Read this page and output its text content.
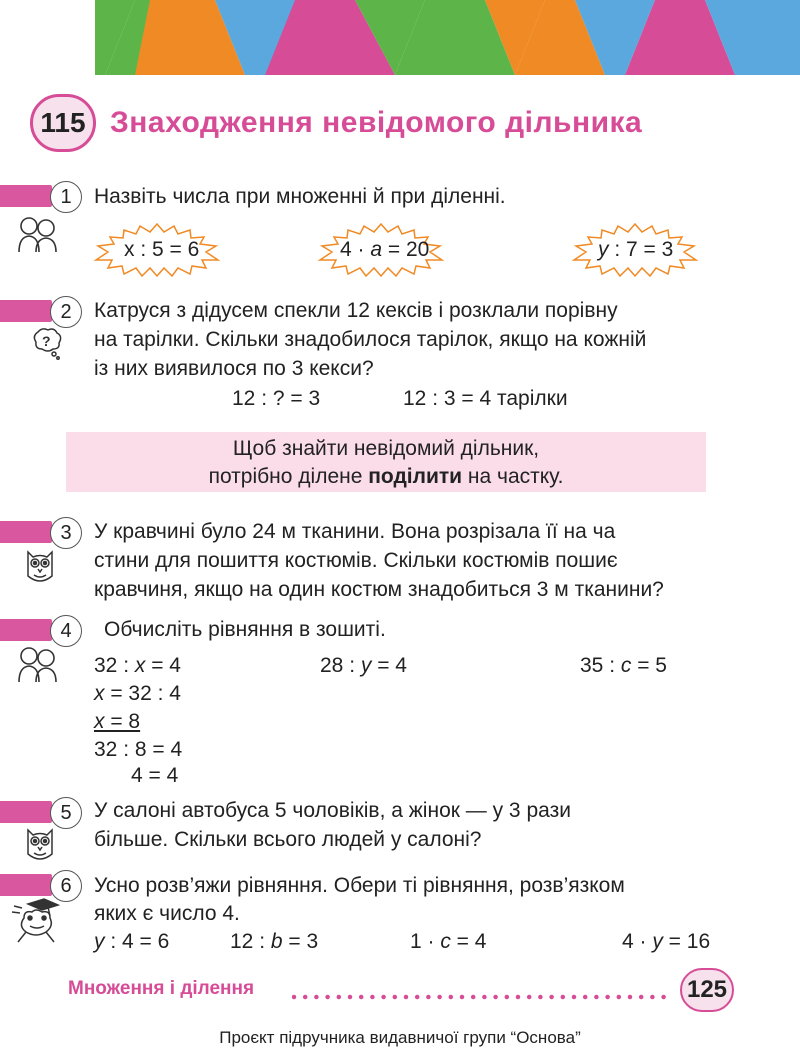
115 Знаходження невідомого дільника
1	Назвіть числа при множенні й при діленні.
x : 5 = 6	4 · a = 20	y : 7 = 3
2	Катруся з дідусем спекли 12 кексів і розклали порівну
на тарілки. Скільки знадобилося тарілок, якщо на кожній
із них виявилося по 3 кекси?
?
12 : ? = 3	12 : 3 = 4 тарілки
Щоб знайти невідомий дільник,
потрібно ділене поділити на частку.
3	У кравчині було 24 м тканини. Вона розрізала її на ча
стини для пошиття костюмів. Скільки костюмів пошиє
кравчиня, якщо на один костюм знадобиться 3 м тканини?
4	Обчисліть рівняння в зошиті.
32 : x = 4
x = 32 : 4
x = 8
32 : 8 = 4
4 = 4
28 : y = 4	35 : c = 5
5	У салоні автобуса 5 чоловіків, а жінок — у 3 рази
більше. Скільки всього людей у салоні?
6	Усно розв’яжи рівняння. Обери ті рівняння, розв’язком
яких є число 4.
y : 4 = 6	12 : b = 3	1 · c = 4	4 · y = 16
Множення і ділення	125
Проєкт підручника видавничої групи “Основа”
